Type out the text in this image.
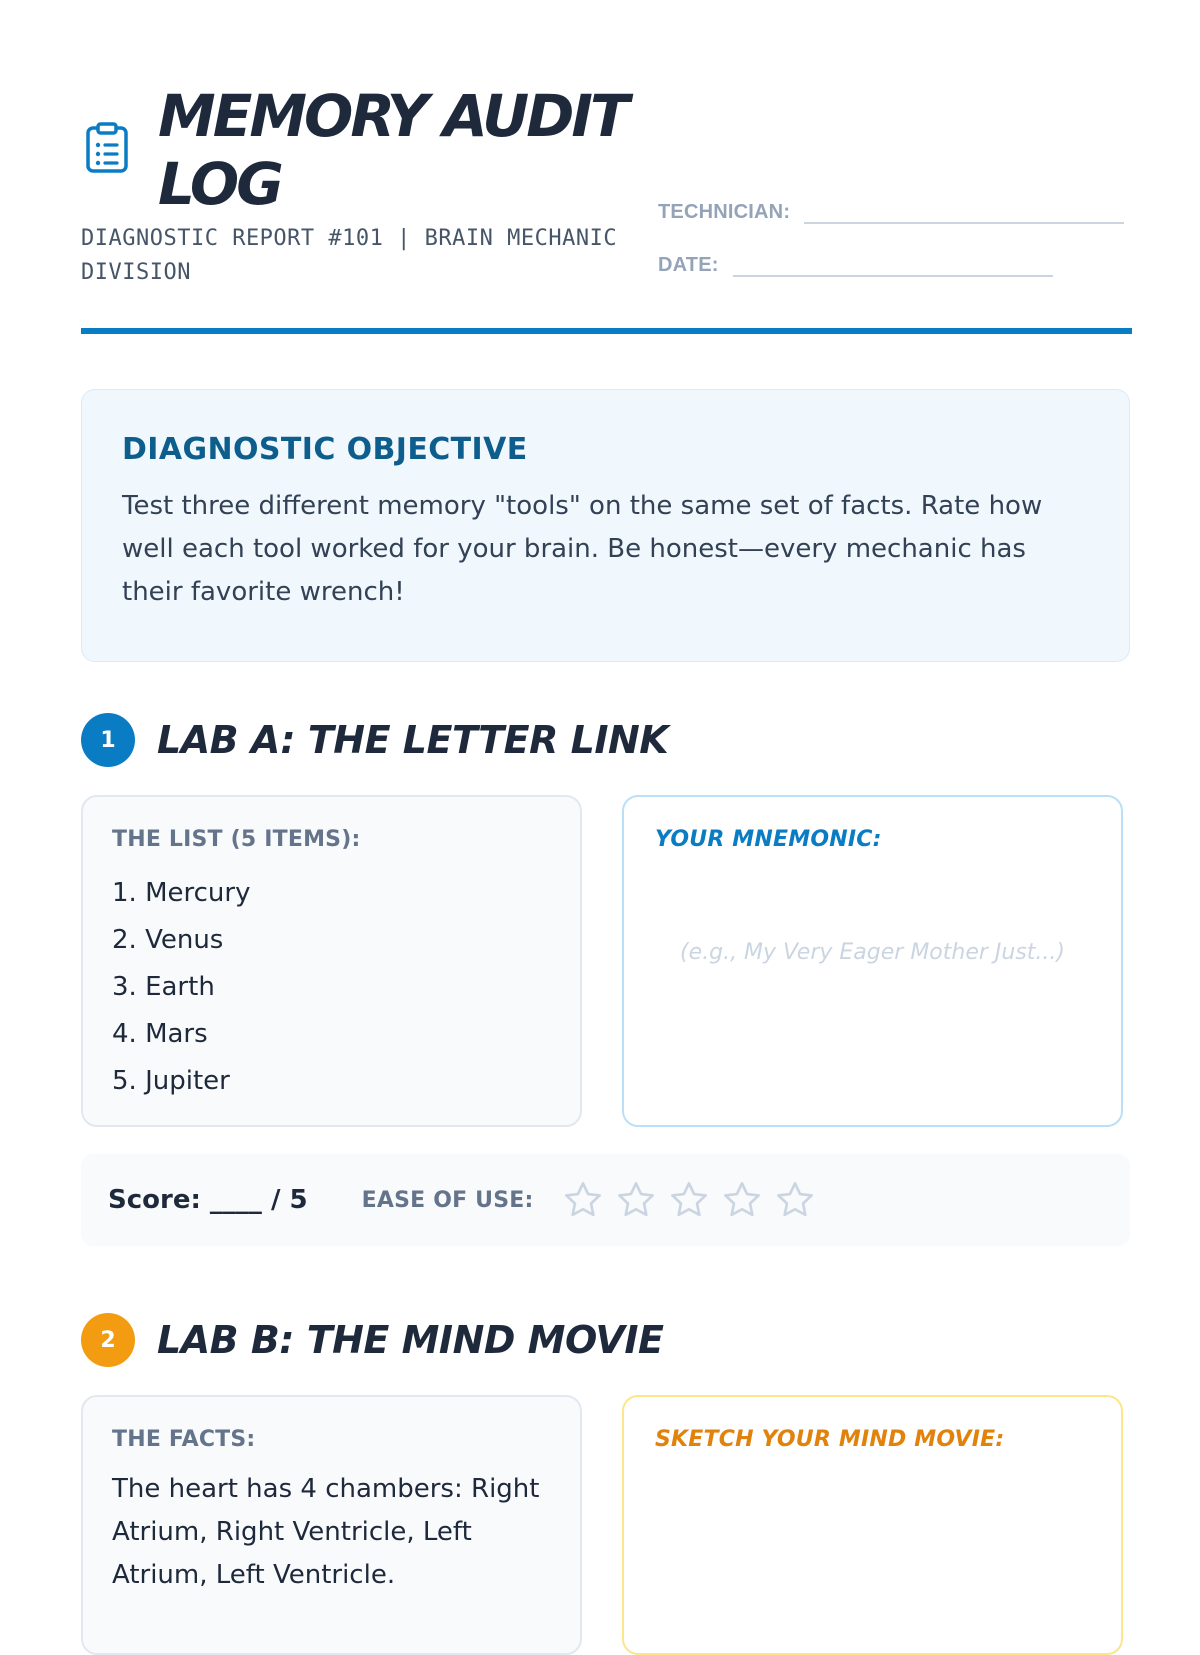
MEMORY AUDIT LOG

DIAGNOSTIC REPORT #101 | BRAIN MECHANIC DIVISION

TECHNICIAN:
DATE:
DIAGNOSTIC OBJECTIVE

Test three different memory "tools" on the same set of facts. Rate how well each tool worked for your brain. Be honest—every mechanic has their favorite wrench!

1	LAB A: THE LETTER LINK
THE LIST (5 ITEMS):
1. Mercury
2. Venus
3. Earth
4. Mars
5. Jupiter
YOUR MNEMONIC:
(e.g., My Very Eager Mother Just...)
Score: ____ / 5 EASE OF USE:
2	LAB B: THE MIND MOVIE
THE FACTS:

The heart has 4 chambers: Right Atrium, Right Ventricle, Left Atrium, Left Ventricle.

SKETCH YOUR MIND MOVIE:
